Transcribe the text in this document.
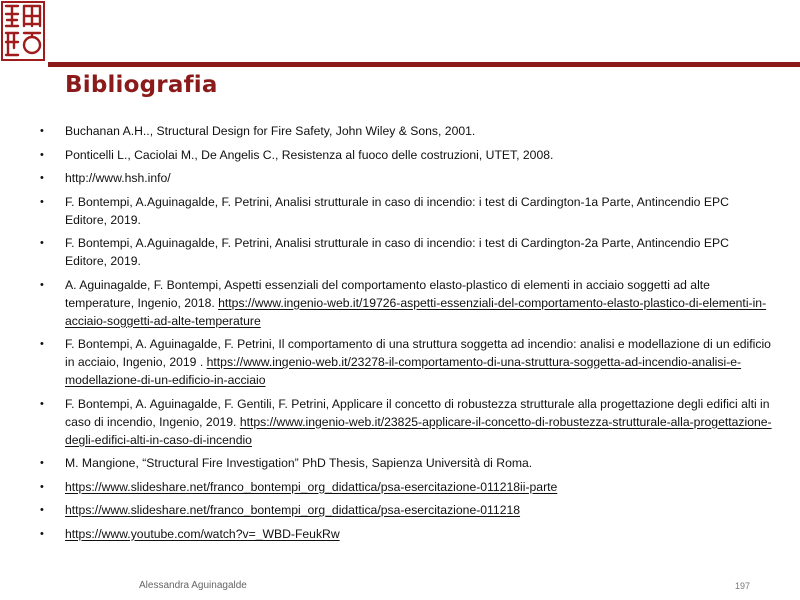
Bibliografia
• Buchanan A.H.., Structural Design for Fire Safety, John Wiley & Sons, 2001.
• Ponticelli L., Caciolai M., De Angelis C., Resistenza al fuoco delle costruzioni, UTET, 2008.
• http://www.hsh.info/
• F. Bontempi, A.Aguinagalde, F. Petrini, Analisi strutturale in caso di incendio: i test di Cardington-1a Parte, Antincendio EPC Editore, 2019.
• F. Bontempi, A.Aguinagalde, F. Petrini, Analisi strutturale in caso di incendio: i test di Cardington-2a Parte, Antincendio EPC Editore, 2019.
• A. Aguinagalde, F. Bontempi, Aspetti essenziali del comportamento elasto-plastico di elementi in acciaio soggetti ad alte temperature, Ingenio, 2018. https://www.ingenio-web.it/19726-aspetti-essenziali-del-comportamento-elasto-plastico-di-elementi-in-acciaio-soggetti-ad-alte-temperature
• F. Bontempi, A. Aguinagalde, F. Petrini, Il comportamento di una struttura soggetta ad incendio: analisi e modellazione di un edificio in acciaio, Ingenio, 2019 . https://www.ingenio-web.it/23278-il-comportamento-di-una-struttura-soggetta-ad-incendio-analisi-e-modellazione-di-un-edificio-in-acciaio
• F. Bontempi, A. Aguinagalde, F. Gentili, F. Petrini, Applicare il concetto di robustezza strutturale alla progettazione degli edifici alti in caso di incendio, Ingenio, 2019. https://www.ingenio-web.it/23825-applicare-il-concetto-di-robustezza-strutturale-alla-progettazione-degli-edifici-alti-in-caso-di-incendio
• M. Mangione, “Structural Fire Investigation” PhD Thesis, Sapienza Università di Roma.
• https://www.slideshare.net/franco_bontempi_org_didattica/psa-esercitazione-011218ii-parte
• https://www.slideshare.net/franco_bontempi_org_didattica/psa-esercitazione-011218
• https://www.youtube.com/watch?v=_WBD-FeukRw
Alessandra Aguinagalde	197
